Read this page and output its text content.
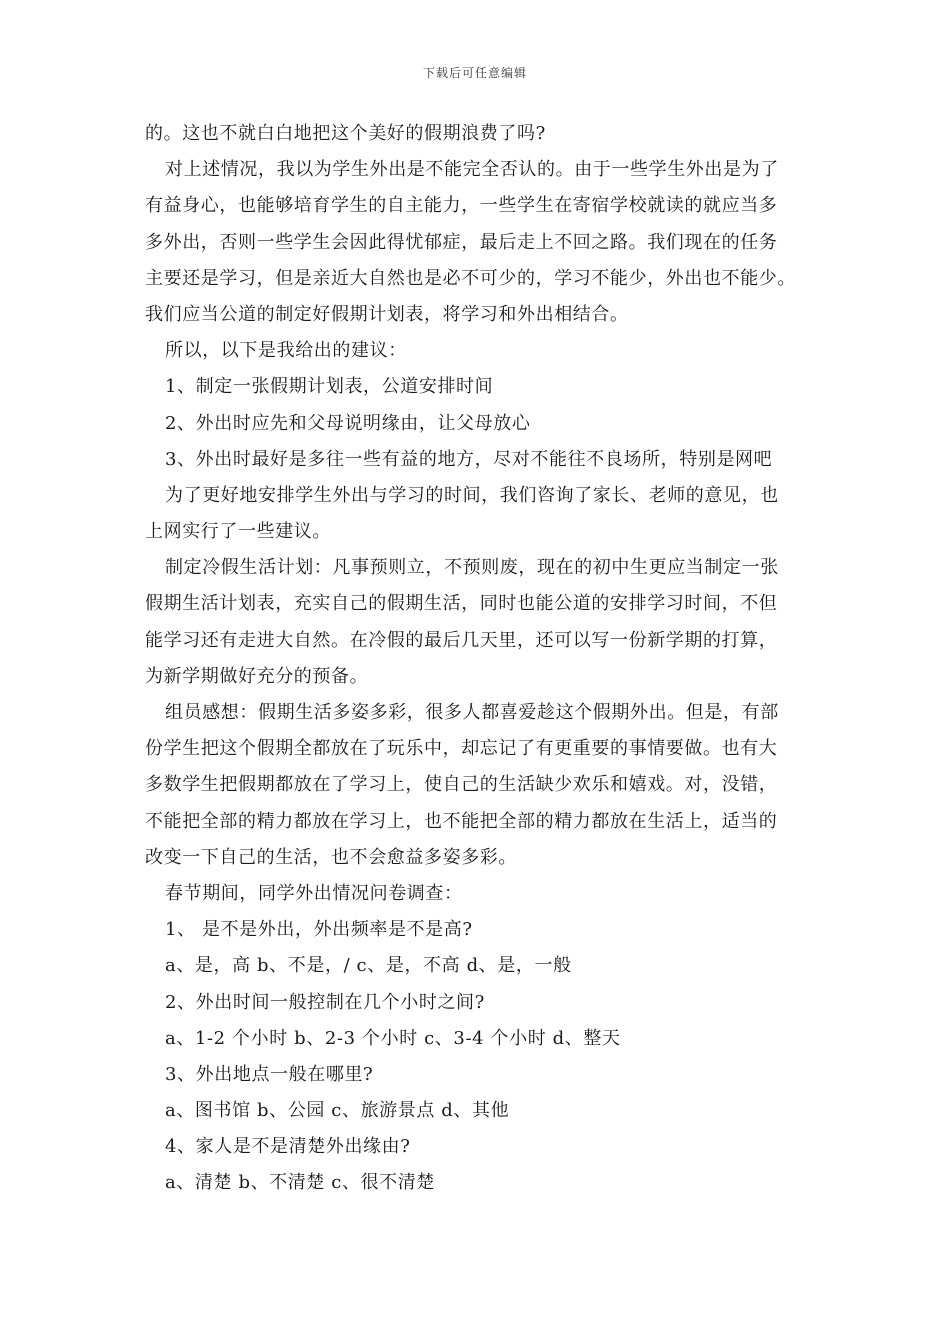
下载后可任意编辑
的。这也不就白白地把这个美好的假期浪费了吗?
对上述情况，我以为学生外出是不能完全否认的。由于一些学生外出是为了
有益身心，也能够培育学生的自主能力，一些学生在寄宿学校就读的就应当多
多外出，否则一些学生会因此得忧郁症，最后走上不回之路。我们现在的任务
主要还是学习，但是亲近大自然也是必不可少的，学习不能少，外出也不能少。
我们应当公道的制定好假期计划表，将学习和外出相结合。
所以，以下是我给出的建议：
1、制定一张假期计划表，公道安排时间
2、外出时应先和父母说明缘由，让父母放心
3、外出时最好是多往一些有益的地方，尽对不能往不良场所，特别是网吧
为了更好地安排学生外出与学习的时间，我们咨询了家长、老师的意见，也
上网实行了一些建议。
制定冷假生活计划：凡事预则立，不预则废，现在的初中生更应当制定一张
假期生活计划表，充实自己的假期生活，同时也能公道的安排学习时间，不但
能学习还有走进大自然。在冷假的最后几天里，还可以写一份新学期的打算，
为新学期做好充分的预备。
组员感想：假期生活多姿多彩，很多人都喜爱趁这个假期外出。但是，有部
份学生把这个假期全都放在了玩乐中，却忘记了有更重要的事情要做。也有大
多数学生把假期都放在了学习上，使自己的生活缺少欢乐和嬉戏。对，没错，
不能把全部的精力都放在学习上，也不能把全部的精力都放在生活上，适当的
改变一下自己的生活，也不会愈益多姿多彩。
春节期间，同学外出情况问卷调查：
1、 是不是外出，外出频率是不是高?
a、是，高 b、不是，/ c、是，不高 d、是，一般
2、外出时间一般控制在几个小时之间?
a、1-2 个小时 b、2-3 个小时 c、3-4 个小时 d、整天
3、外出地点一般在哪里?
a、图书馆 b、公园 c、旅游景点 d、其他
4、家人是不是清楚外出缘由?
a、清楚 b、不清楚 c、很不清楚
